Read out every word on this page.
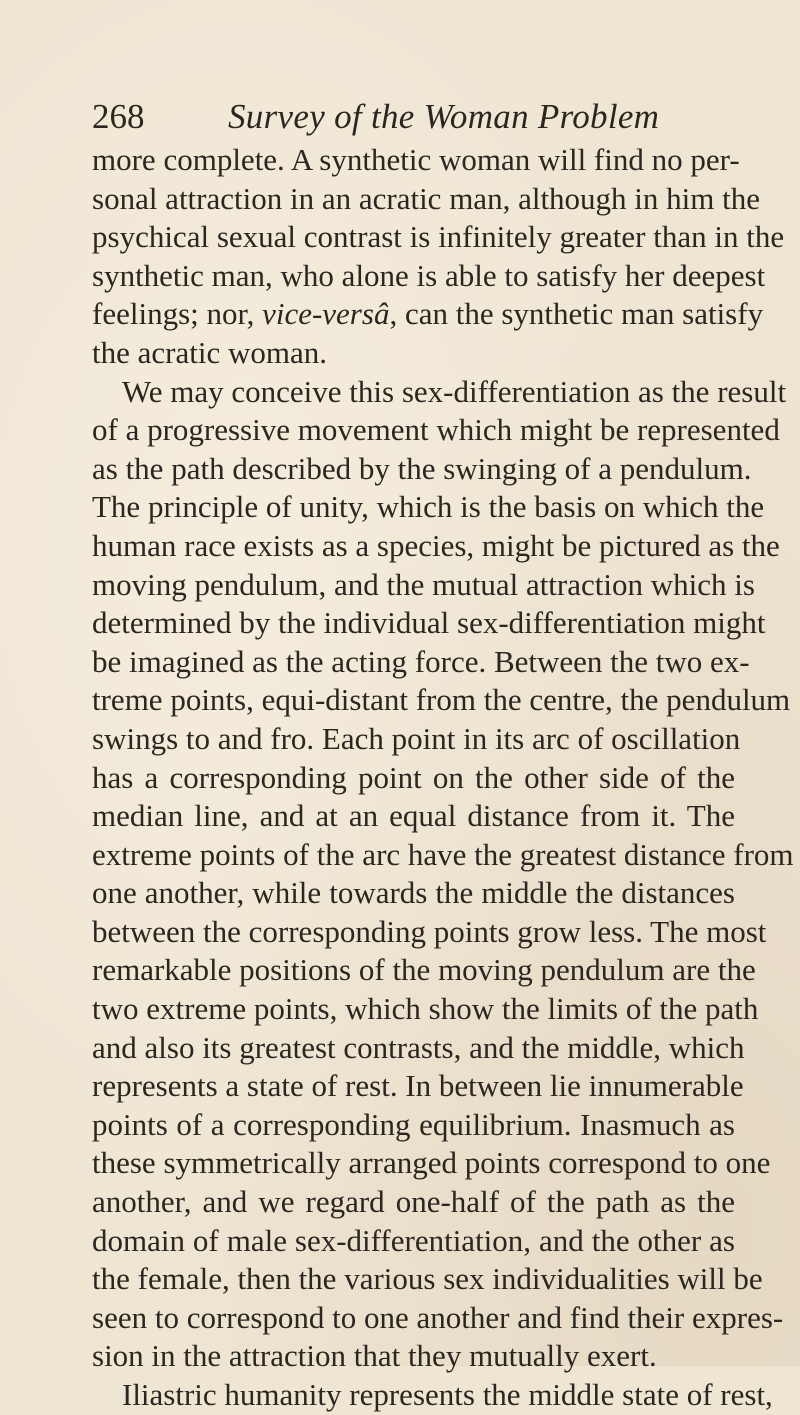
268 Survey of the Woman Problem
more complete. A synthetic woman will find no per-
sonal attraction in an acratic man, although in him the
psychical sexual contrast is infinitely greater than in the
synthetic man, who alone is able to satisfy her deepest
feelings; nor, vice-versâ, can the synthetic man satisfy
the acratic woman.
We may conceive this sex-differentiation as the result
of a progressive movement which might be represented
as the path described by the swinging of a pendulum.
The principle of unity, which is the basis on which the
human race exists as a species, might be pictured as the
moving pendulum, and the mutual attraction which is
determined by the individual sex-differentiation might
be imagined as the acting force. Between the two ex-
treme points, equi-distant from the centre, the pendulum
swings to and fro. Each point in its arc of oscillation
has a corresponding point on the other side of the
median line, and at an equal distance from it. The
extreme points of the arc have the greatest distance from
one another, while towards the middle the distances
between the corresponding points grow less. The most
remarkable positions of the moving pendulum are the
two extreme points, which show the limits of the path
and also its greatest contrasts, and the middle, which
represents a state of rest. In between lie innumerable
points of a corresponding equilibrium. Inasmuch as
these symmetrically arranged points correspond to one
another, and we regard one-half of the path as the
domain of male sex-differentiation, and the other as
the female, then the various sex individualities will be
seen to correspond to one another and find their expres-
sion in the attraction that they mutually exert.
Iliastric humanity represents the middle state of rest,
